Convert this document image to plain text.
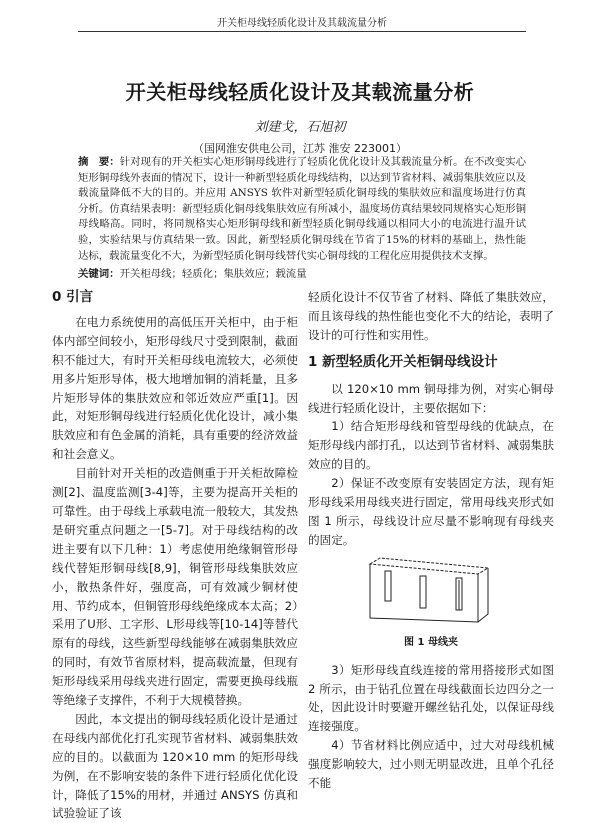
开关柜母线轻质化设计及其载流量分析
开关柜母线轻质化设计及其载流量分析
刘建戈，石旭初
（国网淮安供电公司，江苏 淮安 223001）
摘　要：针对现有的开关柜实心矩形铜母线进行了轻质化优化设计及其载流量分析。在不改变实心矩形铜母线外表面的情况下，设计一种新型轻质化母线结构，以达到节省材料、减弱集肤效应以及载流量降低不大的目的。并应用 ANSYS 软件对新型轻质化铜母线的集肤效应和温度场进行仿真分析。仿真结果表明：新型轻质化铜母线集肤效应有所减小，温度场仿真结果较同规格实心矩形铜母线略高。同时，将同规格实心矩形铜母线和新型轻质化铜母线通以相同大小的电流进行温升试验，实验结果与仿真结果一致。因此，新型轻质化铜母线在节省了15%的材料的基础上，热性能达标，载流量变化不大，为新型轻质化铜母线替代实心铜母线的工程化应用提供技术支撑。
关键词：开关柜母线；轻质化；集肤效应；载流量
0 引言

在电力系统使用的高低压开关柜中，由于柜体内部空间较小，矩形母线尺寸受到限制，截面积不能过大，有时开关柜母线电流较大，必须使用多片矩形导体，极大地增加铜的消耗量，且多片矩形导体的集肤效应和邻近效应严重[1]。因此，对矩形铜母线进行轻质化优化设计，减小集肤效应和有色金属的消耗，具有重要的经济效益和社会意义。

目前针对开关柜的改造侧重于开关柜故障检测[2]、温度监测[3-4]等，主要为提高开关柜的可靠性。由于母线上承载电流一般较大，其发热是研究重点问题之一[5-7]。对于母线结构的改进主要有以下几种：1）考虑使用绝缘铜管形母线代替矩形铜母线[8,9]，铜管形母线集肤效应小，散热条件好，强度高，可有效减少铜材使用、节约成本，但铜管形母线绝缘成本太高；2）采用了U形、工字形、L形母线等[10-14]等替代原有的母线，这些新型母线能够在减弱集肤效应的同时，有效节省原材料，提高载流量，但现有矩形母线采用母线夹进行固定，需要更换母线瓶等绝缘子支撑件，不利于大规模替换。

因此，本文提出的铜母线轻质化设计是通过在母线内部优化打孔实现节省材料、减弱集肤效应的目的。以截面为 120×10 mm 的矩形母线为例，在不影响安装的条件下进行轻质化优化设计，降低了15%的用材，并通过 ANSYS 仿真和试验验证了该

轻质化设计不仅节省了材料、降低了集肤效应，而且该母线的热性能也变化不大的结论，表明了设计的可行性和实用性。

1 新型轻质化开关柜铜母线设计

以 120×10 mm 铜母排为例，对实心铜母线进行轻质化设计，主要依据如下：

1）结合矩形母线和管型母线的优缺点，在矩形母线内部打孔，以达到节省材料、减弱集肤效应的目的。

2）保证不改变原有安装固定方法，现有矩形母线采用母线夹进行固定，常用母线夹形式如图 1 所示，母线设计应尽量不影响现有母线夹的固定。

图 1 母线夹

3）矩形母线直线连接的常用搭接形式如图 2 所示，由于钻孔位置在母线截面长边四分之一处，因此设计时要避开螺丝钻孔处，以保证母线连接强度。

4）节省材料比例应适中，过大对母线机械强度影响较大，过小则无明显改进，且单个孔径不能
